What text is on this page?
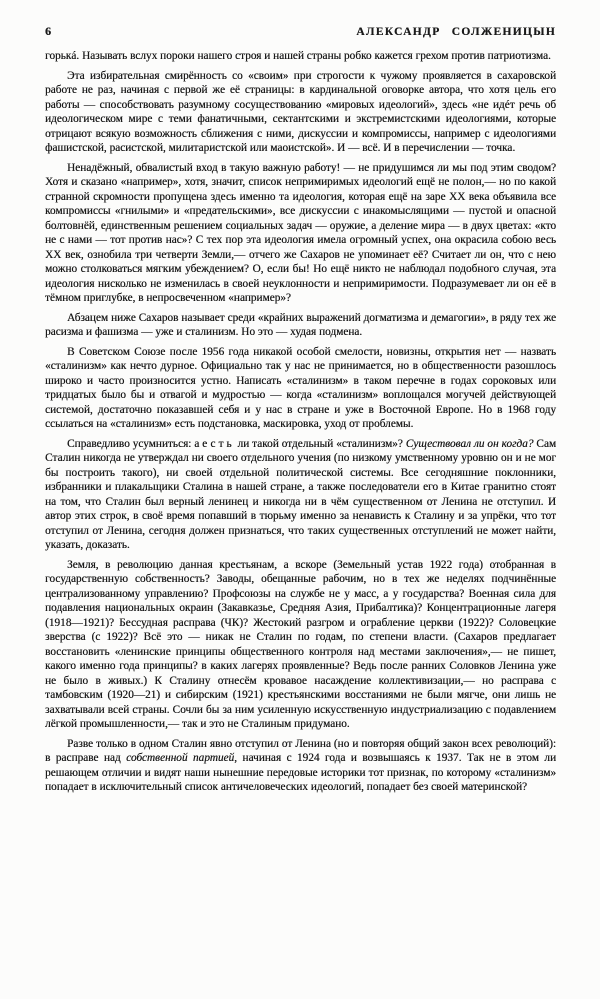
6	АЛЕКСАНДР СОЛЖЕНИЦЫН

горькá. Называть вслух пороки нашего строя и нашей страны робко кажется грехом против патриотизма.

Эта избирательная смирённость со «своим» при строгости к чужому проявляется в сахаровской работе не раз, начиная с первой же её страницы: в кардинальной оговорке автора, что хотя цель его работы — способствовать разумному сосуществованию «мировых идеологий», здесь «не идéт речь об идеологическом мире с теми фанатичными, сектантскими и экстремистскими идеологиями, которые отрицают всякую возможность сближения с ними, дискуссии и компромиссы, например с идеологиями фашистской, расистской, милитаристской или маоистской». И — всё. И в перечислении — точка.

Ненадёжный, обвалистый вход в такую важную работу! — не придушимся ли мы под этим сводом? Хотя и сказано «например», хотя, значит, список непримиримых идеологий ещё не полон,— но по какой странной скромности пропущена здесь именно та идеология, которая ещё на заре XX века объявила все компромиссы «гнилыми» и «предательскими», все дискуссии с инакомыслящими — пустой и опасной болтовнёй, единственным решением социальных задач — оружие, а деление мира — в двух цветах: «кто не с нами — тот против нас»? С тех пор эта идеология имела огромный успех, она окрасила собою весь XX век, ознобила три четверти Земли,— отчего же Сахаров не упоминает её? Считает ли он, что с нею можно столковаться мягким убеждением? О, если бы! Но ещё никто не наблюдал подобного случая, эта идеология нисколько не изменилась в своей неуклонности и непримиримости. Подразумевает ли он её в тёмном приглубке, в непросвеченном «например»?

Абзацем ниже Сахаров называет среди «крайних выражений догматизма и демагогии», в ряду тех же расизма и фашизма — уже и сталинизм. Но это — худая подмена.

В Советском Союзе после 1956 года никакой особой смелости, новизны, открытия нет — назвать «сталинизм» как нечто дурное. Официально так у нас не принимается, но в общественности разошлось широко и часто произносится устно. Написать «сталинизм» в таком перечне в годах сороковых или тридцатых было бы и отвагой и мудростью — когда «сталинизм» воплощался могучей действующей системой, достаточно показавшей себя и у нас в стране и уже в Восточной Европе. Но в 1968 году ссылаться на «сталинизм» есть подстановка, маскировка, уход от проблемы.

Справедливо усумниться: а есть ли такой отдельный «сталинизм»? Существовал ли он когда? Сам Сталин никогда не утверждал ни своего отдельного учения (по низкому умственному уровню он и не мог бы построить такого), ни своей отдельной политической системы. Все сегодняшние поклонники, избранники и плакальщики Сталина в нашей стране, а также последователи его в Китае гранитно стоят на том, что Сталин был верный ленинец и никогда ни в чём существенном от Ленина не отступил. И автор этих строк, в своё время попавший в тюрьму именно за ненависть к Сталину и за упрёки, что тот отступил от Ленина, сегодня должен признаться, что таких существенных отступлений не может найти, указать, доказать.

Земля, в революцию данная крестьянам, а вскоре (Земельный устав 1922 года) отобранная в государственную собственность? Заводы, обещанные рабочим, но в тех же неделях подчинённые централизованному управлению? Профсоюзы на службе не у масс, а у государства? Военная сила для подавления национальных окраин (Закавказье, Средняя Азия, Прибалтика)? Концентрационные лагеря (1918—1921)? Бессудная расправа (ЧК)? Жестокий разгром и ограбление церкви (1922)? Соловецкие зверства (с 1922)? Всё это — никак не Сталин по годам, по степени власти. (Сахаров предлагает восстановить «ленинские принципы общественного контроля над местами заключения»,— не пишет, какого именно года принципы? в каких лагерях проявленные? Ведь после ранних Соловков Ленина уже не было в живых.) К Сталину отнесём кровавое насаждение коллективизации,— но расправа с тамбовским (1920—21) и сибирским (1921) крестьянскими восстаниями не были мягче, они лишь не захватывали всей страны. Сочли бы за ним усиленную искусственную индустриализацию с подавлением лёгкой промышленности,— так и это не Сталиным придумано.

Разве только в одном Сталин явно отступил от Ленина (но и повторяя общий закон всех революций): в расправе над собственной партией, начиная с 1924 года и возвышаясь к 1937. Так не в этом ли решающем отличии и видят наши нынешние передовые историки тот признак, по которому «сталинизм» попадает в исключительный список античеловеческих идеологий, попадает без своей материнской?
